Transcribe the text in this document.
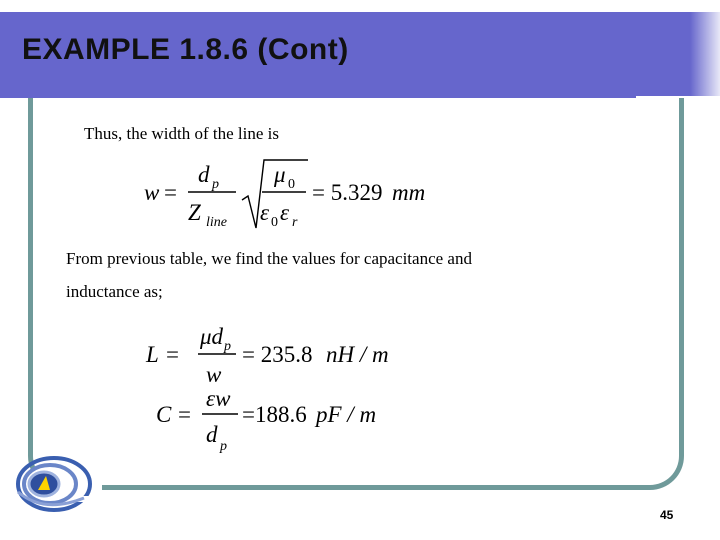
EXAMPLE 1.8.6 (Cont)
Thus, the width of the line is
w =
d p
Z line
μ 0
ε 0 ε r
= 5.329 mm
From previous table, we find the values for capacitance and
inductance as;
L =
μd p
w
= 235.8 nH / m
C =
εw
d p
=188.6 pF / m
45
